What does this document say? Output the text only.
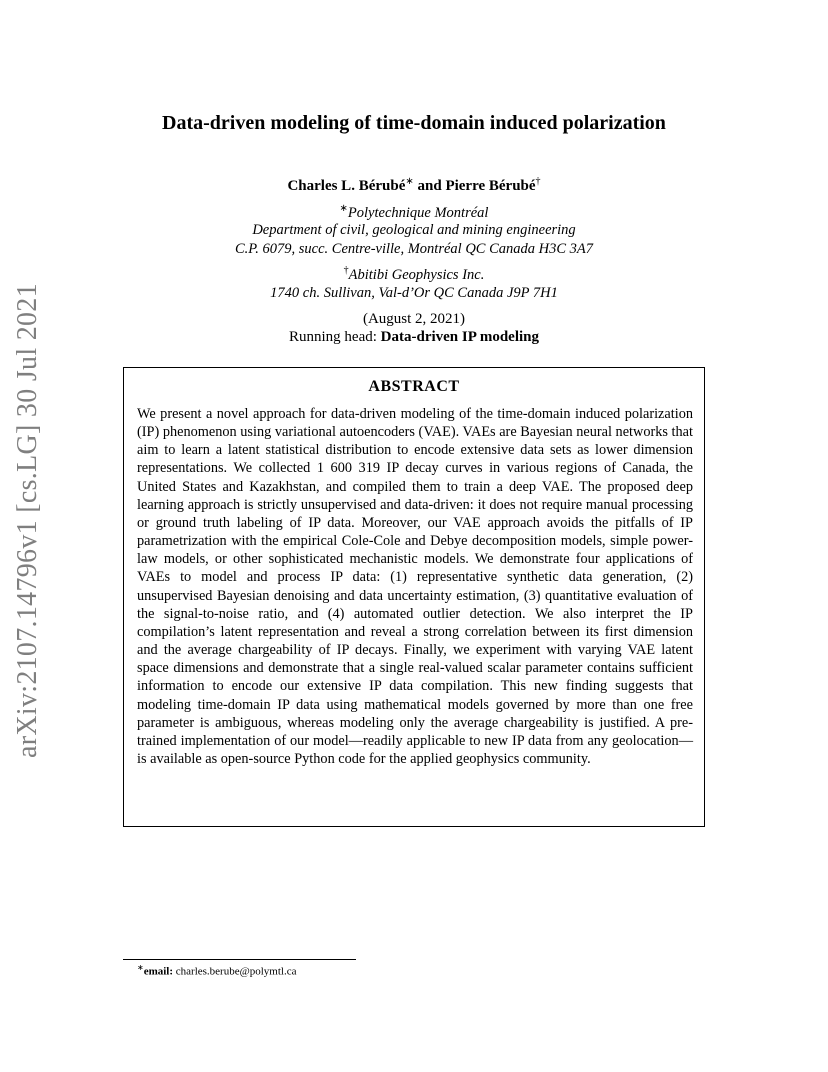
arXiv:2107.14796v1 [cs.LG] 30 Jul 2021
Data-driven modeling of time-domain induced polarization
Charles L. Bérubé∗ and Pierre Bérubé†
∗Polytechnique Montréal
Department of civil, geological and mining engineering
C.P. 6079, succ. Centre-ville, Montréal QC Canada H3C 3A7
†Abitibi Geophysics Inc.
1740 ch. Sullivan, Val-d’Or QC Canada J9P 7H1
(August 2, 2021)
Running head: Data-driven IP modeling
ABSTRACT
We present a novel approach for data-driven modeling of the time-domain induced polarization (IP) phenomenon using variational autoencoders (VAE). VAEs are Bayesian neural networks that aim to learn a latent statistical distribution to encode extensive data sets as lower dimension representations. We collected 1 600 319 IP decay curves in various regions of Canada, the United States and Kazakhstan, and compiled them to train a deep VAE. The proposed deep learning approach is strictly unsupervised and data-driven: it does not require manual processing or ground truth labeling of IP data. Moreover, our VAE approach avoids the pitfalls of IP parametrization with the empirical Cole-Cole and Debye decomposition models, simple power-law models, or other sophisticated mechanistic models. We demonstrate four applications of VAEs to model and process IP data: (1) representative synthetic data generation, (2) unsupervised Bayesian denoising and data uncertainty estimation, (3) quantitative evaluation of the signal-to-noise ratio, and (4) automated outlier detection. We also interpret the IP compilation’s latent representation and reveal a strong correlation between its first dimension and the average chargeability of IP decays. Finally, we experiment with varying VAE latent space dimensions and demonstrate that a single real-valued scalar parameter contains sufficient information to encode our extensive IP data compilation. This new finding suggests that modeling time-domain IP data using mathematical models governed by more than one free parameter is ambiguous, whereas modeling only the average chargeability is justified. A pre-trained implementation of our model—readily applicable to new IP data from any geolocation—is available as open-source Python code for the applied geophysics community.
∗email: charles.berube@polymtl.ca
